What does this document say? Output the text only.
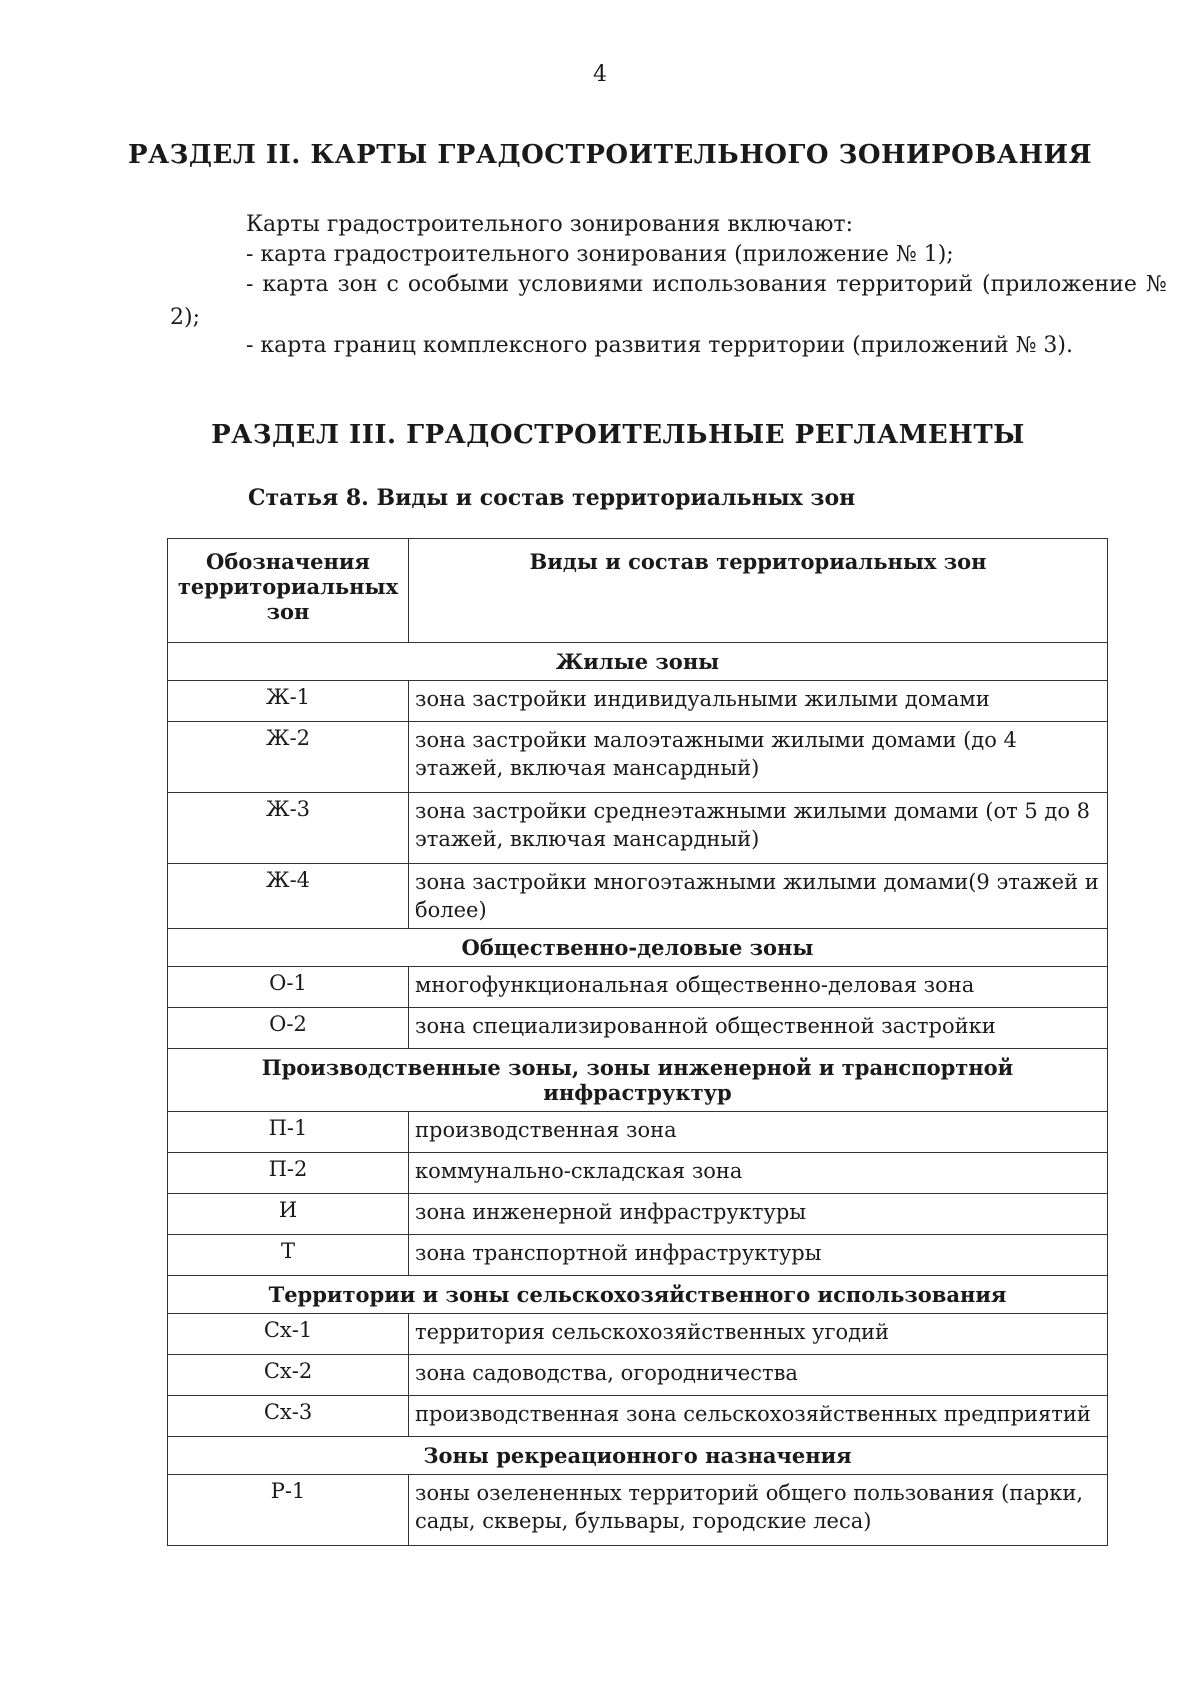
4
РАЗДЕЛ II. КАРТЫ ГРАДОСТРОИТЕЛЬНОГО ЗОНИРОВАНИЯ
Карты градостроительного зонирования включают:
- карта градостроительного зонирования (приложение № 1);
- карта зон с особыми условиями использования территорий (приложение №
2);
- карта границ комплексного развития территории (приложений № 3).
РАЗДЕЛ III. ГРАДОСТРОИТЕЛЬНЫЕ РЕГЛАМЕНТЫ
Статья 8. Виды и состав территориальных зон
Обозначения территориальных зон	Виды и состав территориальных зон
Жилые зоны	
Ж-1	зона застройки индивидуальными жилыми домами
Ж-2	зона застройки малоэтажными жилыми домами (до 4 этажей, включая мансардный)
Ж-3	зона застройки среднеэтажными жилыми домами (от 5 до 8 этажей, включая мансардный)
Ж-4	зона застройки многоэтажными жилыми домами(9 этажей и более)
Общественно-деловые зоны	
О-1	многофункциональная общественно-деловая зона
О-2	зона специализированной общественной застройки
Производственные зоны, зоны инженерной и транспортной инфраструктур	
П-1	производственная зона
П-2	коммунально-складская зона
И	зона инженерной инфраструктуры
Т	зона транспортной инфраструктуры
Территории и зоны сельскохозяйственного использования	
Сх-1	территория сельскохозяйственных угодий
Сх-2	зона садоводства, огородничества
Сх-3	производственная зона сельскохозяйственных предприятий
Зоны рекреационного назначения	
Р-1	зоны озелененных территорий общего пользования (парки, сады, скверы, бульвары, городские леса)
